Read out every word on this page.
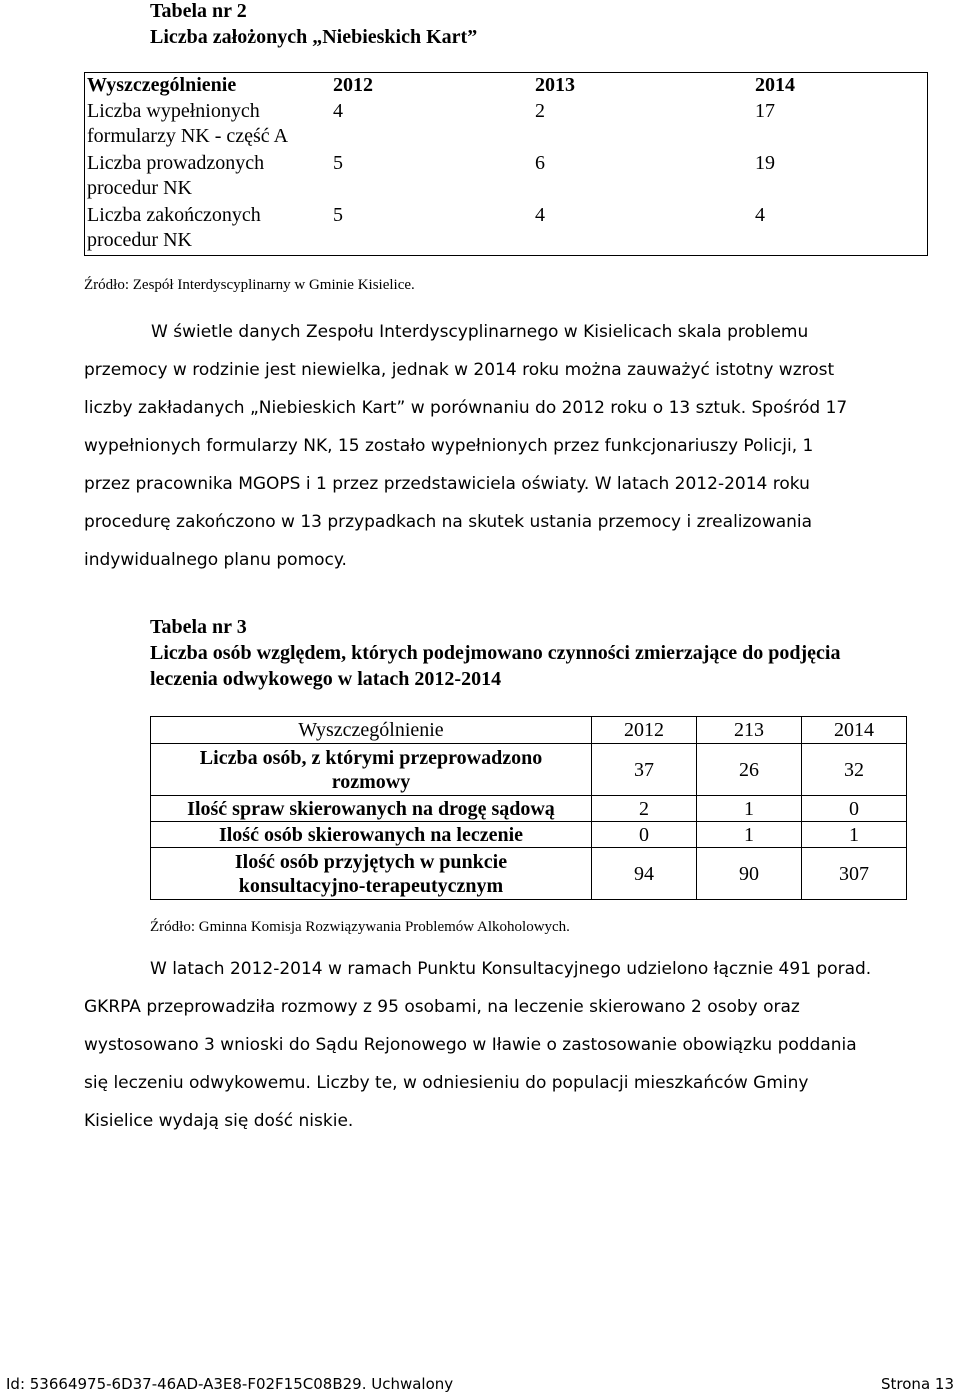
Tabela nr 2
Liczba założonych „Niebieskich Kart”
Wyszczególnienie	2012	2013	2014
Liczba wypełnionych
formularzy NK - część A
4	2	17
Liczba prowadzonych
procedur NK
5	6	19
Liczba zakończonych
procedur NK
5	4	4
Źródło: Zespół Interdyscyplinarny w Gminie Kisielice.
W świetle danych Zespołu Interdyscyplinarnego w Kisielicach skala problemu
przemocy w rodzinie jest niewielka, jednak w 2014 roku można zauważyć istotny wzrost
liczby zakładanych „Niebieskich Kart” w porównaniu do 2012 roku o 13 sztuk. Spośród 17
wypełnionych formularzy NK, 15 zostało wypełnionych przez funkcjonariuszy Policji, 1
przez pracownika MGOPS i 1 przez przedstawiciela oświaty. W latach 2012-2014 roku
procedurę zakończono w 13 przypadkach na skutek ustania przemocy i zrealizowania
indywidualnego planu pomocy.
Tabela nr 3
Liczba osób względem, których podejmowano czynności zmierzające do podjęcia
leczenia odwykowego w latach 2012-2014
Wyszczególnienie	2012	213	2014

Liczba osób, z którymi przeprowadzono
rozmowy	37	26	32
Ilość spraw skierowanych na drogę sądową	2	1	0
Ilość osób skierowanych na leczenie	0	1	1

Ilość osób przyjętych w punkcie
konsultacyjno-terapeutycznym	94	90	307
Źródło: Gminna Komisja Rozwiązywania Problemów Alkoholowych.
W latach 2012-2014 w ramach Punktu Konsultacyjnego udzielono łącznie 491 porad.
GKRPA przeprowadziła rozmowy z 95 osobami, na leczenie skierowano 2 osoby oraz
wystosowano 3 wnioski do Sądu Rejonowego w Iławie o zastosowanie obowiązku poddania
się leczeniu odwykowemu. Liczby te, w odniesieniu do populacji mieszkańców Gminy
Kisielice wydają się dość niskie.
Id: 53664975-6D37-46AD-A3E8-F02F15C08B29. Uchwalony	Strona 13
